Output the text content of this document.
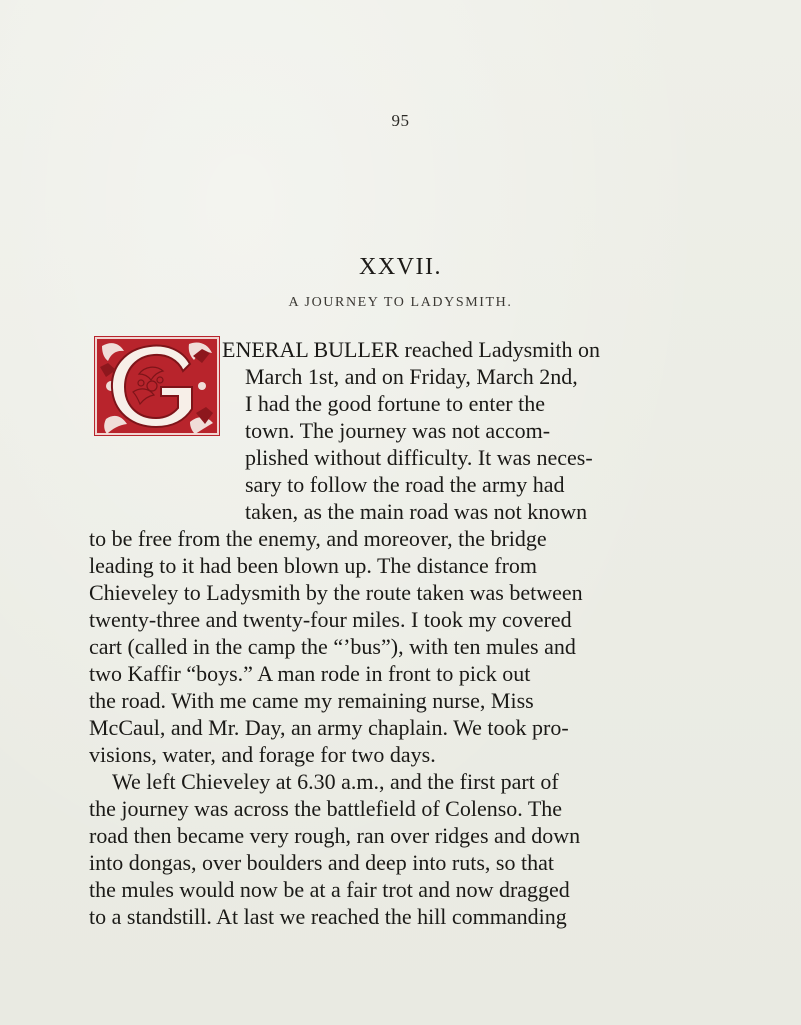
95
XXVII.
A JOURNEY TO LADYSMITH.
ENERAL BULLER reached Ladysmith on
March 1st, and on Friday, March 2nd,
I had the good fortune to enter the
town. The journey was not accom-
plished without difficulty. It was neces-
sary to follow the road the army had
taken, as the main road was not known
to be free from the enemy, and moreover, the bridge
leading to it had been blown up. The distance from
Chieveley to Ladysmith by the route taken was between
twenty-three and twenty-four miles. I took my covered
cart (called in the camp the “’bus”), with ten mules and
two Kaffir “boys.” A man rode in front to pick out
the road. With me came my remaining nurse, Miss
McCaul, and Mr. Day, an army chaplain. We took pro-
visions, water, and forage for two days.
We left Chieveley at 6.30 a.m., and the first part of
the journey was across the battlefield of Colenso. The
road then became very rough, ran over ridges and down
into dongas, over boulders and deep into ruts, so that
the mules would now be at a fair trot and now dragged
to a standstill. At last we reached the hill commanding
